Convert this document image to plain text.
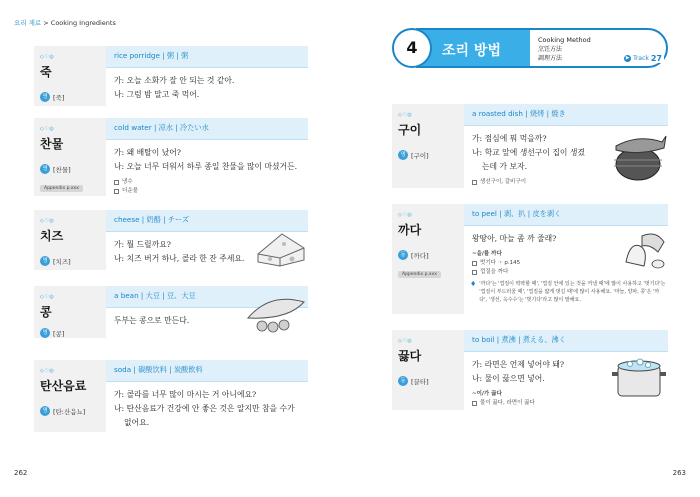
요리 재료 > Cooking Ingredients
◇♡◎
죽
명 [죽]
rice porridge | 粥 | 粥
가: 오늘 소화가 잘 안 되는 것 같아.
나: 그럼 밤 말고 죽 먹어.
◇♡◎
찬물
명 [찬물]
Appendix p.xxx
cold water | 凉水 | 冷たい水
가: 왜 배탈이 났어?
나: 오늘 너무 더워서 하루 종일 찬물을 많이 마셨거든.
냉수
더운물
◇♡◎
치즈
명 [치즈]
cheese | 奶酪 | チーズ
가: 뭘 드릴까요?
나: 치즈 버거 하나, 콜라 한 잔 주세요.
◇♡◎
콩
명 [콩]
a bean | 大豆 | 豆、大豆
두부는 콩으로 만든다.
◇♡◎
탄산음료
명 [탄ː산음뇨]
soda | 碳酸饮料 | 炭酸飲料
가: 콜라를 너무 많이 마시는 거 아니에요?
나: 탄산음료가 건강에 안 좋은 것은 알지만 참을 수가
없어요.
262
4	조리 방법
Cooking Method
烹饪方法
調理方法	▶ Track 27
◇♡◎
구이
명 [구이]
a roasted dish | 烧烤 | 焼き
가: 점심에 뭐 먹을까?
나: 학교 앞에 생선구이 집이 생겼
는데 가 보자.
생선구이, 갈비구이
◇♡◎
까다
동 [까다]
Appendix p.xxx
to peel | 剥、扒 | 皮を剥く
왕땅아, 마늘 좀 까 줄래?
~을/를 까다
벗기다 ☞ p.145
껍질을 까다
♦ '까다'는 '껍질이 딱딱할 때', '껍질 안에 있는 것을 꺼낼 때'에 많이 사용하고 '벗기다'는 '껍질이 부드러울 때', '껍질을 얇게 벗길 때'에 많이 사용해요. '마늘, 양파, 콩'은 '까다', '생선, 옥수수'는 '벗기다'라고 많이 말해요.
◇♡◎
끓다
동 [끌타]
to boil | 煮沸 | 煮える、沸く
가: 라면은 언제 넣어야 돼?
나: 물이 끓으면 넣어.
~이/가 끓다
물이 끓다, 라면이 끓다
263
